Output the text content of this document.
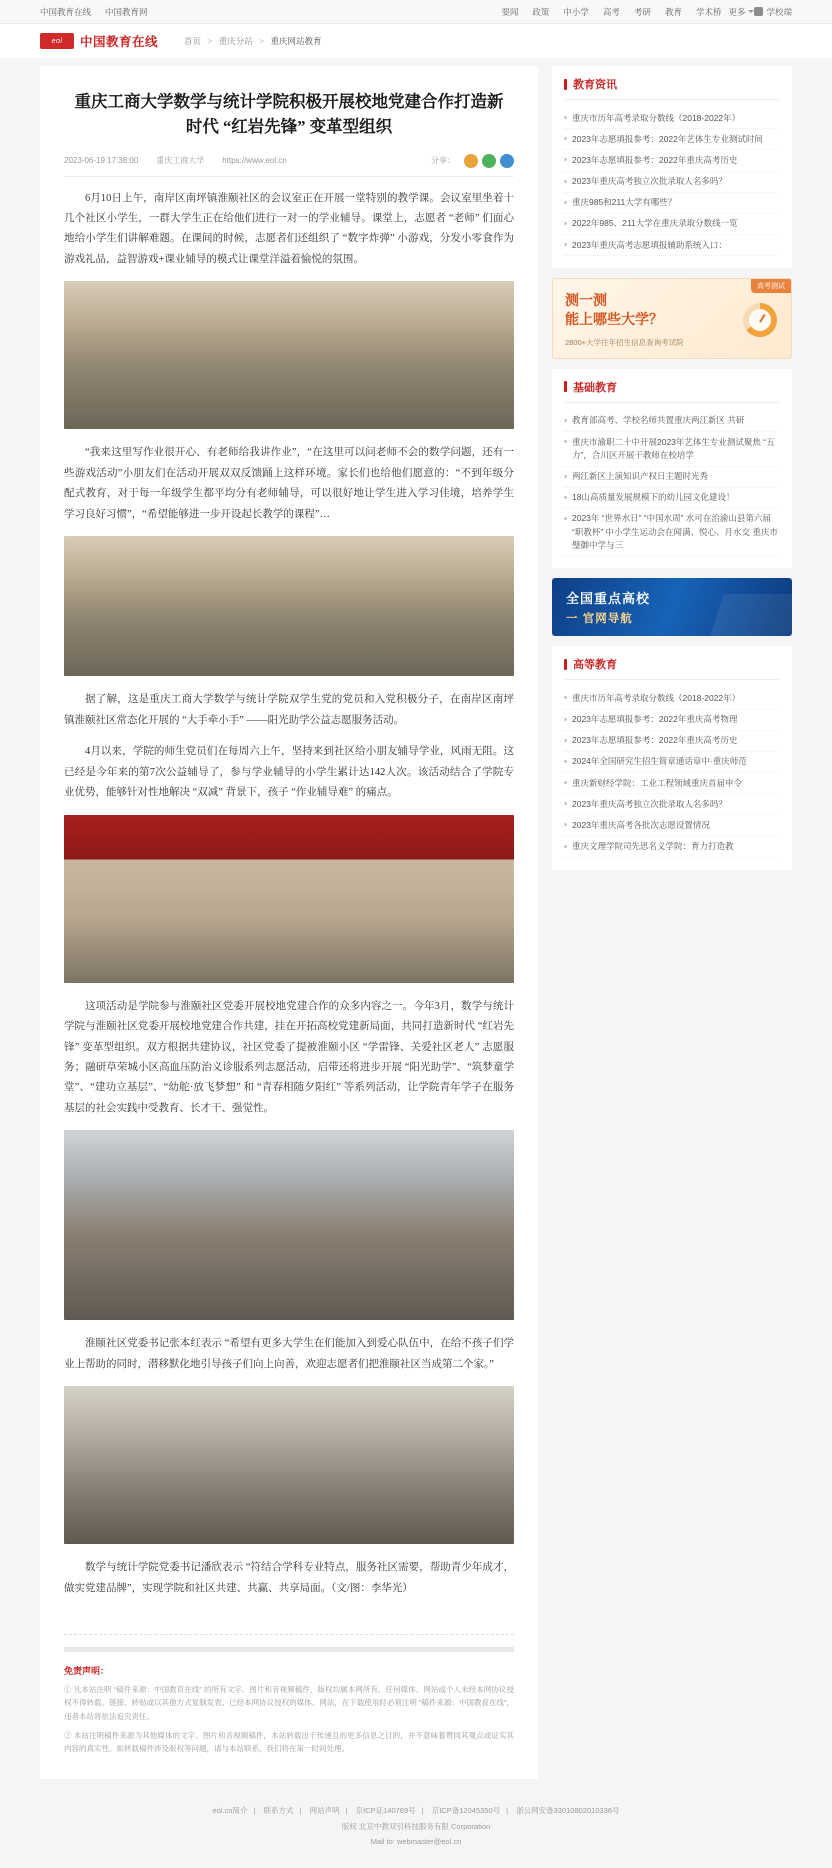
中国教育在线 中国教育网	要闻 政策 中小学 高考 考研 教育 学术桥 更多 学校端
eol	中国教育在线	首页 > 重庆分站 > 重庆网站教育
重庆工商大学数学与统计学院积极开展校地党建合作打造新时代 “红岩先锋” 变革型组织
2023-06-19 17:38:00 重庆工商大学 https://www.eol.cn	分享：

6月10日上午，南岸区南坪镇淮颐社区的会议室正在开展一堂特别的教学课。会议室里坐着十几个社区小学生，一群大学生正在给他们进行一对一的学业辅导。课堂上，志愿者 “老师” 们面心地给小学生们讲解难题。在课间的时候，志愿者们还组织了 “数字炸弹” 小游戏，分发小零食作为游戏礼品，益智游戏+课业辅导的模式让课堂洋溢着愉悦的氛围。

“我来这里写作业很开心、有老师给我讲作业”，“在这里可以问老师不会的数学问题，还有一些游戏活动”小朋友们在活动开展双双反馈踊上这样环境。家长们也给他们愿意的：“不到年级分配式教育，对于每一年级学生都平均分有老师辅导，可以很好地让学生进入学习佳境，培养学生学习良好习惯”，“希望能够进一步开设起长教学的课程”…

据了解，这是重庆工商大学数学与统计学院双学生党的党员和入党积极分子，在南岸区南坪镇淮颐社区常态化开展的 “大手牵小手” ——阳光助学公益志愿服务活动。

4月以来，学院的师生党员们在每周六上午，坚持来到社区给小朋友辅导学业，风雨无阻。这已经是今年来的第7次公益辅导了，参与学业辅导的小学生累计达142人次。该活动结合了学院专业优势，能够针对性地解决 “双减” 背景下，孩子 “作业辅导难” 的痛点。

这项活动是学院参与淮颐社区党委开展校地党建合作的众多内容之一。今年3月，数学与统计学院与淮颐社区党委开展校地党建合作共建，挂在开拓高校党建新局面，共同打造新时代 “红岩先锋” 变革型组织。双方根据共建协议，社区党委了提被淮颐小区 “学雷锋、关爱社区老人” 志愿服务；融研草荣城小区高血压防治义诊服系列志愿活动，启带还将进步开展 “阳光助学”、“筑梦童学堂”、“建功立基层”、“幼舵·放飞梦想” 和 “青春相随夕阳红” 等系列活动，让学院青年学子在服务基层的社会实践中受教育、长才干、强觉性。

淮颐社区党委书记张本红表示 “希望有更多大学生在们能加入到爱心队伍中，在给不孩子们学业上帮助的同时，潜移默化地引导孩子们向上向善，欢迎志愿者们把淮颐社区当成第二个家。”

数学与统计学院党委书记潘欣表示 “符结合学科专业特点，服务社区需要，帮助青少年成才，做实党建品牌”，实现学院和社区共建、共赢、共享局面。（文/图：李华光）

免责声明：

① 凡本站注明 “稿件来源：中国教育在线” 的所有文字、图片和音视频稿件，版权均属本网所有，任何媒体、网站或个人未经本网协议授权不得转载、链接、转贴或以其他方式复制发表。已经本网协议授权的媒体、网站，在下载使用时必须注明 “稿件来源：中国教育在线”，违者本站将依法追究责任。

② 本站注明稿件来源为其他媒体的文字、图片和音视频稿件，本站转载出于传递且的更多信息之目的，并不意味着赞同其观点或证实其内容的真实性。如转载稿件涉及版权等问题，请与本站联系，我们将在第一时间处理。

教育资讯
重庆市历年高考录取分数线（2018-2022年）
2023年志愿填报参考：2022年艺体生专业测试时间
2023年志愿填报参考：2022年重庆高考历史
2023年重庆高考独立次批录取人名多吗？
重庆985和211大学有哪些？
2022年985、211大学在重庆录取分数线一览
2023年重庆高考志愿填报辅助系统入口：
高考测试
测一测
能上哪些大学？
2800+大学往年招生信息查询考试院
基础教育
教育部高考、学校名师共置重庆两江新区 共研
重庆市渝职二十中开展2023年艺体生专业测试聚焦 “五力”，合川区开展干教师在校培学
两江新区上演知识产权日主题时光秀
18山高质量发展规模下的幼儿园文化建设！
2023年 “世界水日” “中国水周” 水可在治渝山县第六届 “职教杯” 中小学生运动会在闻满、悦心、月水交 重庆市璧御中学与三
全国重点高校
一 官网导航
高等教育
重庆市历年高考录取分数线（2018-2022年）
2023年志愿填报参考：2022年重庆高考物理
2023年志愿填报参考：2022年重庆高考历史
2024年全国研究生招生简章通话章中·重庆师范
重庆新财经学院：工业工程领域重庆首届申令
2023年重庆高考独立次批录取人名多吗？
2023年重庆高考各批次志愿设置情况
重庆文理学院司先思名义学院：育力打造教
eol.cn简介 | 联系方式 | 网站声明 | 京ICP证140769号 | 京ICP备12045350号 | 浙公网安备33010802010336号
版权 北京中教双引科技服务有限 Corporation
Mail to: webmaster@eol.cn
